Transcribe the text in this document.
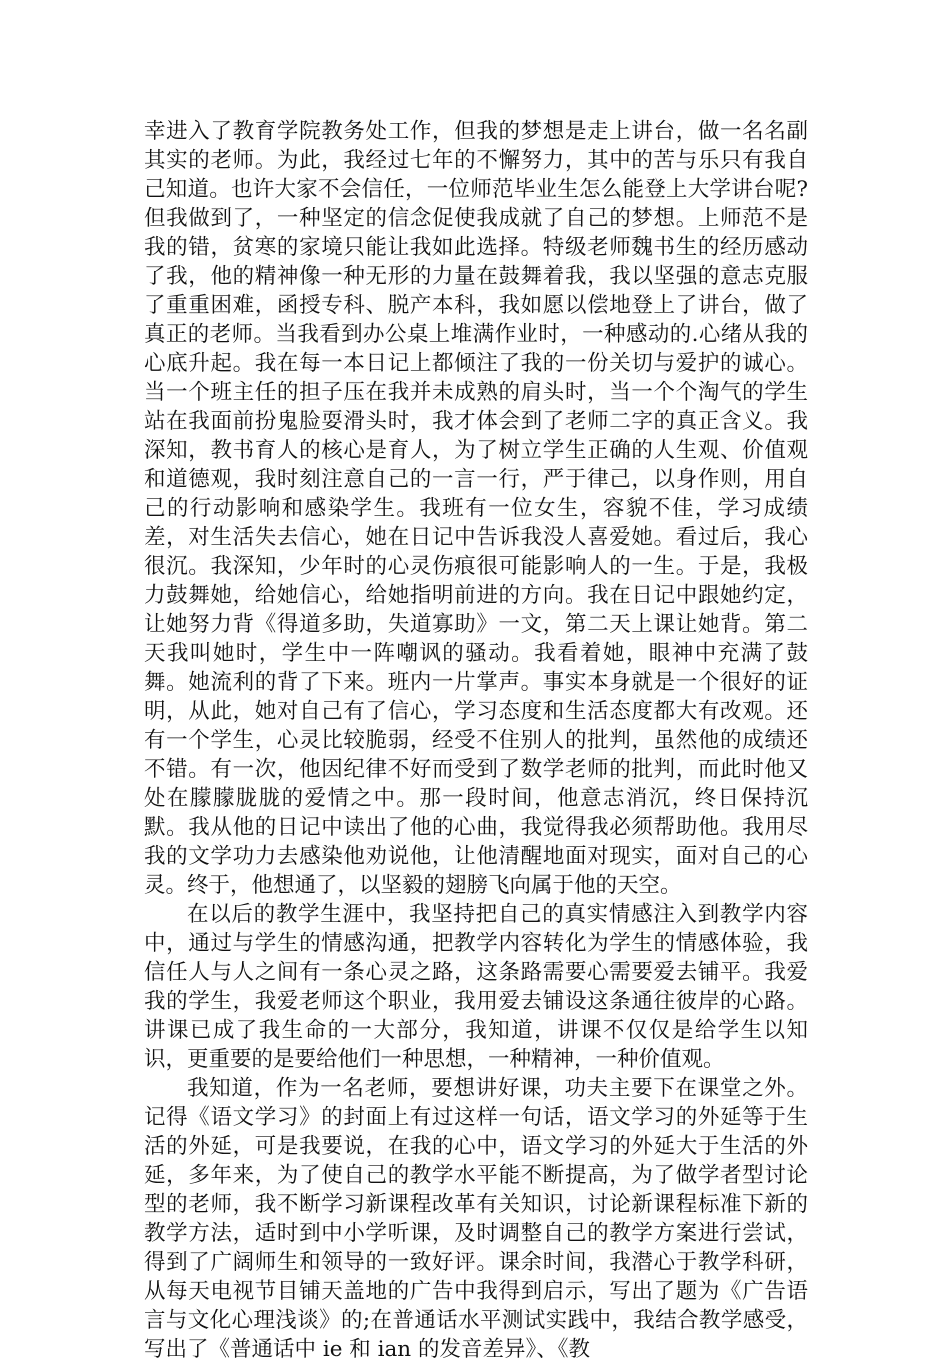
幸进入了教育学院教务处工作，但我的梦想是走上讲台，做一名名副其实的老师。为此，我经过七年的不懈努力，其中的苦与乐只有我自己知道。也许大家不会信任，一位师范毕业生怎么能登上大学讲台呢?但我做到了，一种坚定的信念促使我成就了自己的梦想。上师范不是我的错，贫寒的家境只能让我如此选择。特级老师魏书生的经历感动了我，他的精神像一种无形的力量在鼓舞着我，我以坚强的意志克服了重重困难，函授专科、脱产本科，我如愿以偿地登上了讲台，做了真正的老师。当我看到办公桌上堆满作业时，一种感动的.心绪从我的心底升起。我在每一本日记上都倾注了我的一份关切与爱护的诚心。当一个班主任的担子压在我并未成熟的肩头时，当一个个淘气的学生站在我面前扮鬼脸耍滑头时，我才体会到了老师二字的真正含义。我深知，教书育人的核心是育人，为了树立学生正确的人生观、价值观和道德观，我时刻注意自己的一言一行，严于律己，以身作则，用自己的行动影响和感染学生。我班有一位女生，容貌不佳，学习成绩差，对生活失去信心，她在日记中告诉我没人喜爱她。看过后，我心很沉。我深知，少年时的心灵伤痕很可能影响人的一生。于是，我极力鼓舞她，给她信心，给她指明前进的方向。我在日记中跟她约定，让她努力背《得道多助，失道寡助》一文，第二天上课让她背。第二天我叫她时，学生中一阵嘲讽的骚动。我看着她，眼神中充满了鼓舞。她流利的背了下来。班内一片掌声。事实本身就是一个很好的证明，从此，她对自己有了信心，学习态度和生活态度都大有改观。还有一个学生，心灵比较脆弱，经受不住别人的批判，虽然他的成绩还不错。有一次，他因纪律不好而受到了数学老师的批判，而此时他又处在朦朦胧胧的爱情之中。那一段时间，他意志消沉，终日保持沉默。我从他的日记中读出了他的心曲，我觉得我必须帮助他。我用尽我的文学功力去感染他劝说他，让他清醒地面对现实，面对自己的心灵。终于，他想通了，以坚毅的翅膀飞向属于他的天空。

在以后的教学生涯中，我坚持把自己的真实情感注入到教学内容中，通过与学生的情感沟通，把教学内容转化为学生的情感体验，我信任人与人之间有一条心灵之路，这条路需要心需要爱去铺平。我爱我的学生，我爱老师这个职业，我用爱去铺设这条通往彼岸的心路。讲课已成了我生命的一大部分，我知道，讲课不仅仅是给学生以知识，更重要的是要给他们一种思想，一种精神，一种价值观。

我知道，作为一名老师，要想讲好课，功夫主要下在课堂之外。记得《语文学习》的封面上有过这样一句话，语文学习的外延等于生活的外延，可是我要说，在我的心中，语文学习的外延大于生活的外延，多年来，为了使自己的教学水平能不断提高，为了做学者型讨论型的老师，我不断学习新课程改革有关知识，讨论新课程标准下新的教学方法，适时到中小学听课，及时调整自己的教学方案进行尝试，得到了广阔师生和领导的一致好评。课余时间，我潜心于教学科研，从每天电视节目铺天盖地的广告中我得到启示，写出了题为《广告语言与文化心理浅谈》的;在普通话水平测试实践中，我结合教学感受，写出了《普通话中 ie 和 ian 的发音差异》、《教
